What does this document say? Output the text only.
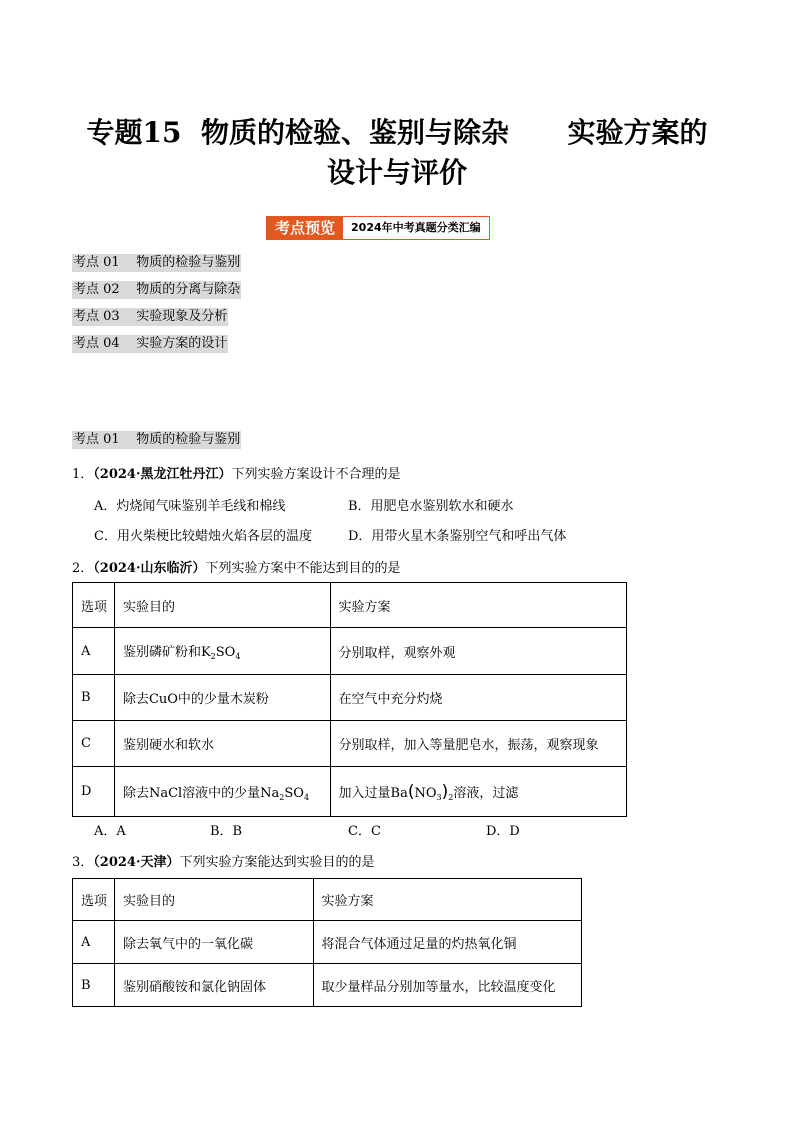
专题15  物质的检验、鉴别与除杂      实验方案的
设计与评价
考点预览	2024年中考真题分类汇编
考点 01    物质的检验与鉴别
考点 02    物质的分离与除杂
考点 03    实验现象及分析
考点 04    实验方案的设计
考点 01    物质的检验与鉴别
1．（2024·黑龙江牡丹江）下列实验方案设计不合理的是
A．灼烧闻气味鉴别羊毛线和棉线	B．用肥皂水鉴别软水和硬水
C．用火柴梗比较蜡烛火焰各层的温度	D．用带火星木条鉴别空气和呼出气体
2．（2024·山东临沂）下列实验方案中不能达到目的的是
选项	实验目的	实验方案
A	鉴别磷矿粉和$K_2SO_4$	分别取样，观察外观
B	除去CuO中的少量木炭粉	在空气中充分灼烧
C	鉴别硬水和软水	分别取样，加入等量肥皂水，振荡，观察现象
D	除去NaCl溶液中的少量$Na_2SO_4$	加入过量$Ba(NO_3)_2$溶液，过滤
A．A	B．B	C．C	D．D
3．（2024·天津）下列实验方案能达到实验目的的是
选项	实验目的	实验方案
A	除去氧气中的一氧化碳	将混合气体通过足量的灼热氧化铜
B	鉴别硝酸铵和氯化钠固体	取少量样品分别加等量水，比较温度变化
